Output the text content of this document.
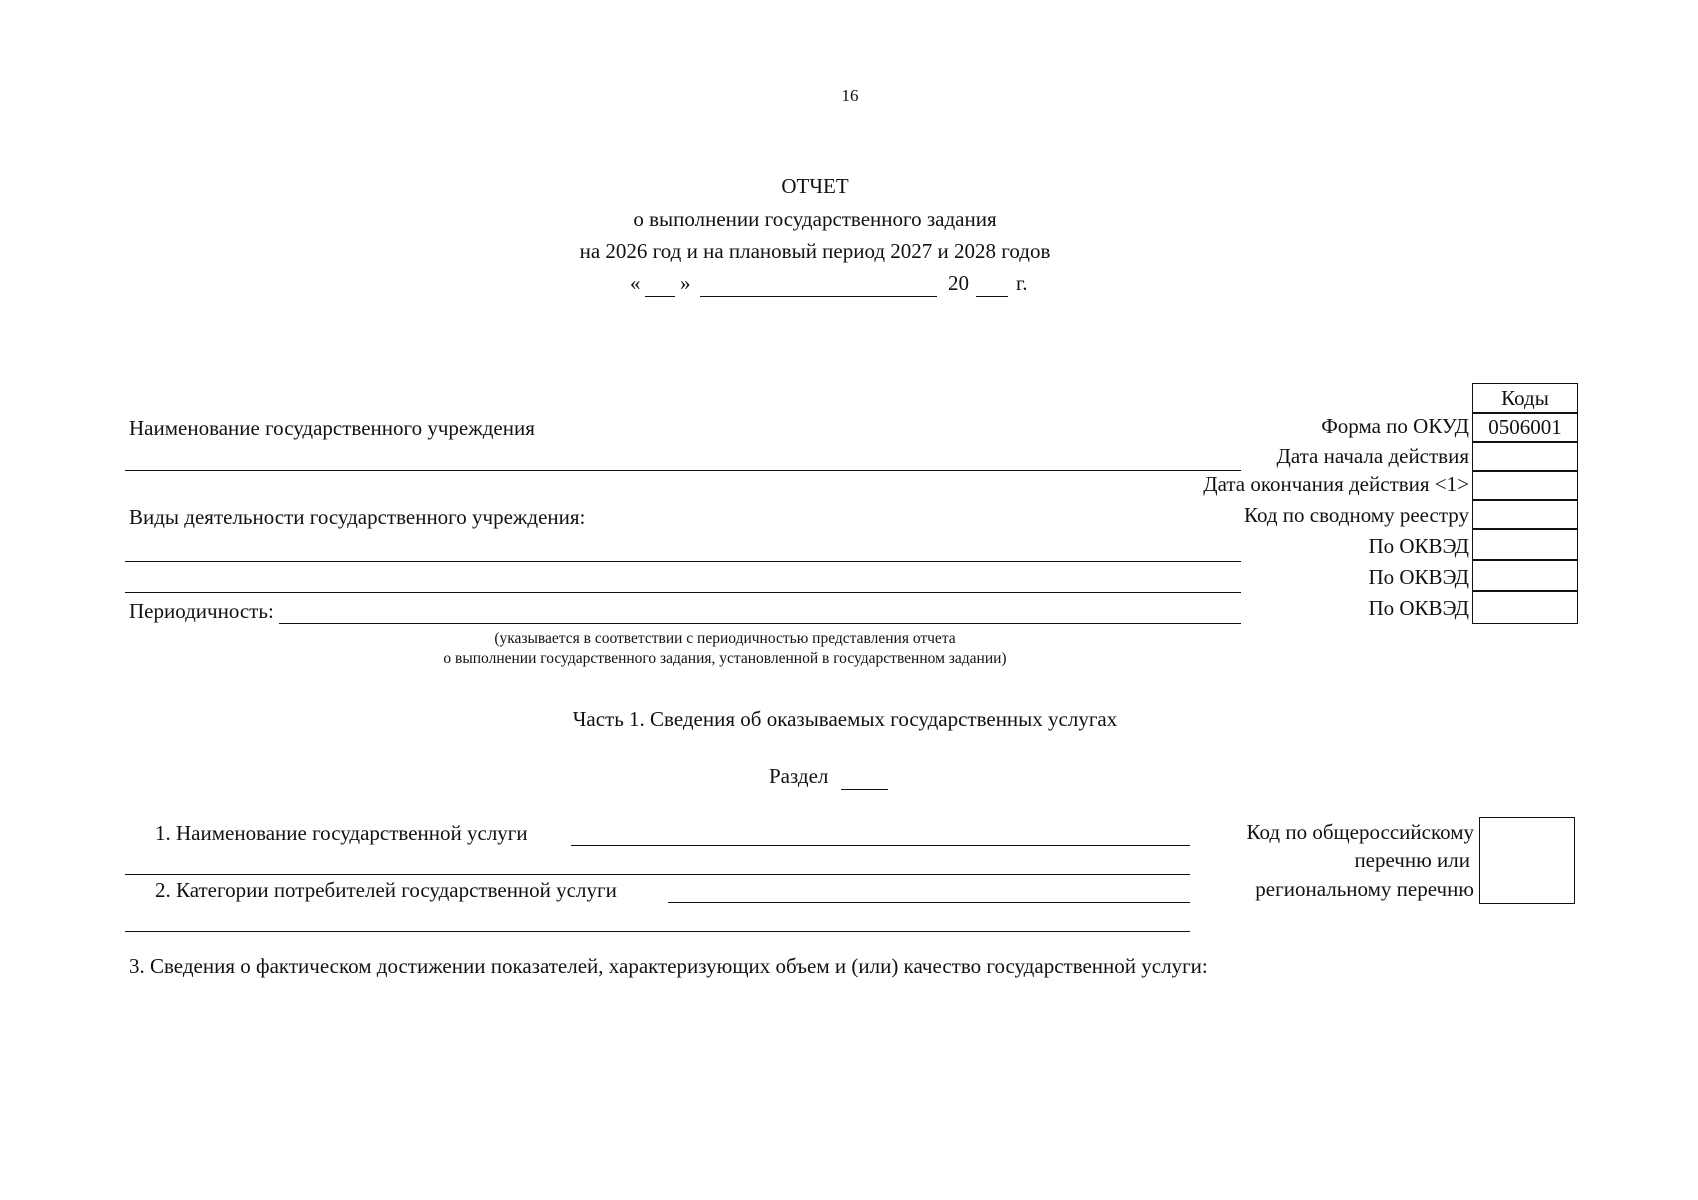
16
ОТЧЕТ
о выполнении государственного задания
на 2026 год и на плановый период 2027 и 2028 годов
« »	20 г.
Коды
Форма по ОКУД 0506001
Дата начала действия
Дата окончания действия <1>
Код по сводному реестру
По ОКВЭД
По ОКВЭД
По ОКВЭД
Наименование государственного учреждения
Виды деятельности государственного учреждения:
Периодичность:
(указывается в соответствии с периодичностью представления отчета
о выполнении государственного задания, установленной в государственном задании)
Часть 1. Сведения об оказываемых государственных услугах
Раздел
1. Наименование государственной услуги
2. Категории потребителей государственной услуги
Код по общероссийскому
перечню или
региональному перечню
3. Сведения о фактическом достижении показателей, характеризующих объем и (или) качество государственной услуги:
